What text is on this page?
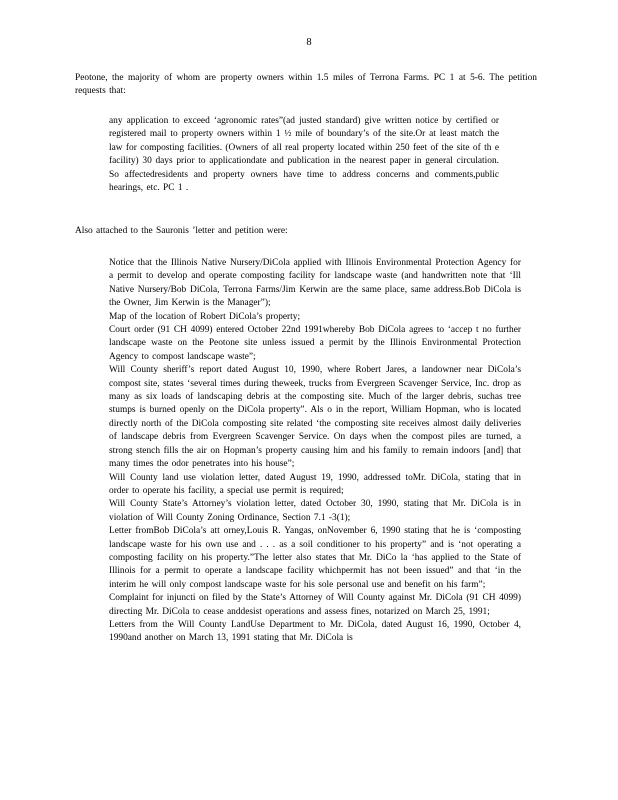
8

Peotone, the majority of whom are property owners within 1.5 miles of Terrona Farms. PC 1 at 5-6. The petition requests that:

any application to exceed ‘agronomic rates”(ad justed standard) give written notice by certified or registered mail to property owners within 1 ½ mile of boundary’s of the site.Or at least match the law for composting facilities. (Owners of all real property located within 250 feet of the site of th e facility) 30 days prior to applicationdate and publication in the nearest paper in general circulation. So affectedresidents and property owners have time to address concerns and comments,public hearings, etc. PC 1 .

Also attached to the Sauronis ’letter and petition were:

Notice that the Illinois Native Nursery/DiCola applied with Illinois Environmental Protection Agency for a permit to develop and operate composting facility for landscape waste (and handwritten note that ‘Ill Native Nursery/Bob DiCola, Terrona Farms/Jim Kerwin are the same place, same address.Bob DiCola is the Owner, Jim Kerwin is the Manager”);
Map of the location of Robert DiCola’s property;
Court order (91 CH 4099) entered October 22nd 1991whereby Bob DiCola agrees to ‘accep t no further landscape waste on the Peotone site unless issued a permit by the Illinois Environmental Protection Agency to compost landscape waste”;
Will County sheriff’s report dated August 10, 1990, where Robert Jares, a landowner near DiCola’s compost site, states ‘several times during theweek, trucks from Evergreen Scavenger Service, Inc. drop as many as six loads of landscaping debris at the composting site. Much of the larger debris, suchas tree stumps is burned openly on the DiCola property”. Als o in the report, William Hopman, who is located directly north of the DiCola composting site related ‘the composting site receives almost daily deliveries of landscape debris from Evergreen Scavenger Service. On days when the compost piles are turned, a strong stench fills the air on Hopman’s property causing him and his family to remain indoors [and] that many times the odor penetrates into his house”;
Will County land use violation letter, dated August 19, 1990, addressed toMr. DiCola, stating that in order to operate his facility, a special use permit is required;
Will County State’s Attorney’s violation letter, dated October 30, 1990, stating that Mr. DiCola is in violation of Will County Zoning Ordinance, Section 7.1 -3(1);
Letter fromBob DiCola’s att orney,Louis R. Yangas, onNovember 6, 1990 stating that he is ‘composting landscape waste for his own use and . . . as a soil conditioner to his property” and is ‘not operating a composting facility on his property.”The letter also states that Mr. DiCo la ‘has applied to the State of Illinois for a permit to operate a landscape facility whichpermit has not been issued” and that ‘in the interim he will only compost landscape waste for his sole personal use and benefit on his farm”;
Complaint for injuncti on filed by the State’s Attorney of Will County against Mr. DiCola (91 CH 4099) directing Mr. DiCola to cease anddesist operations and assess fines, notarized on March 25, 1991;
Letters from the Will County LandUse Department to Mr. DiCola, dated August 16, 1990, October 4, 1990and another on March 13, 1991 stating that Mr. DiCola is
